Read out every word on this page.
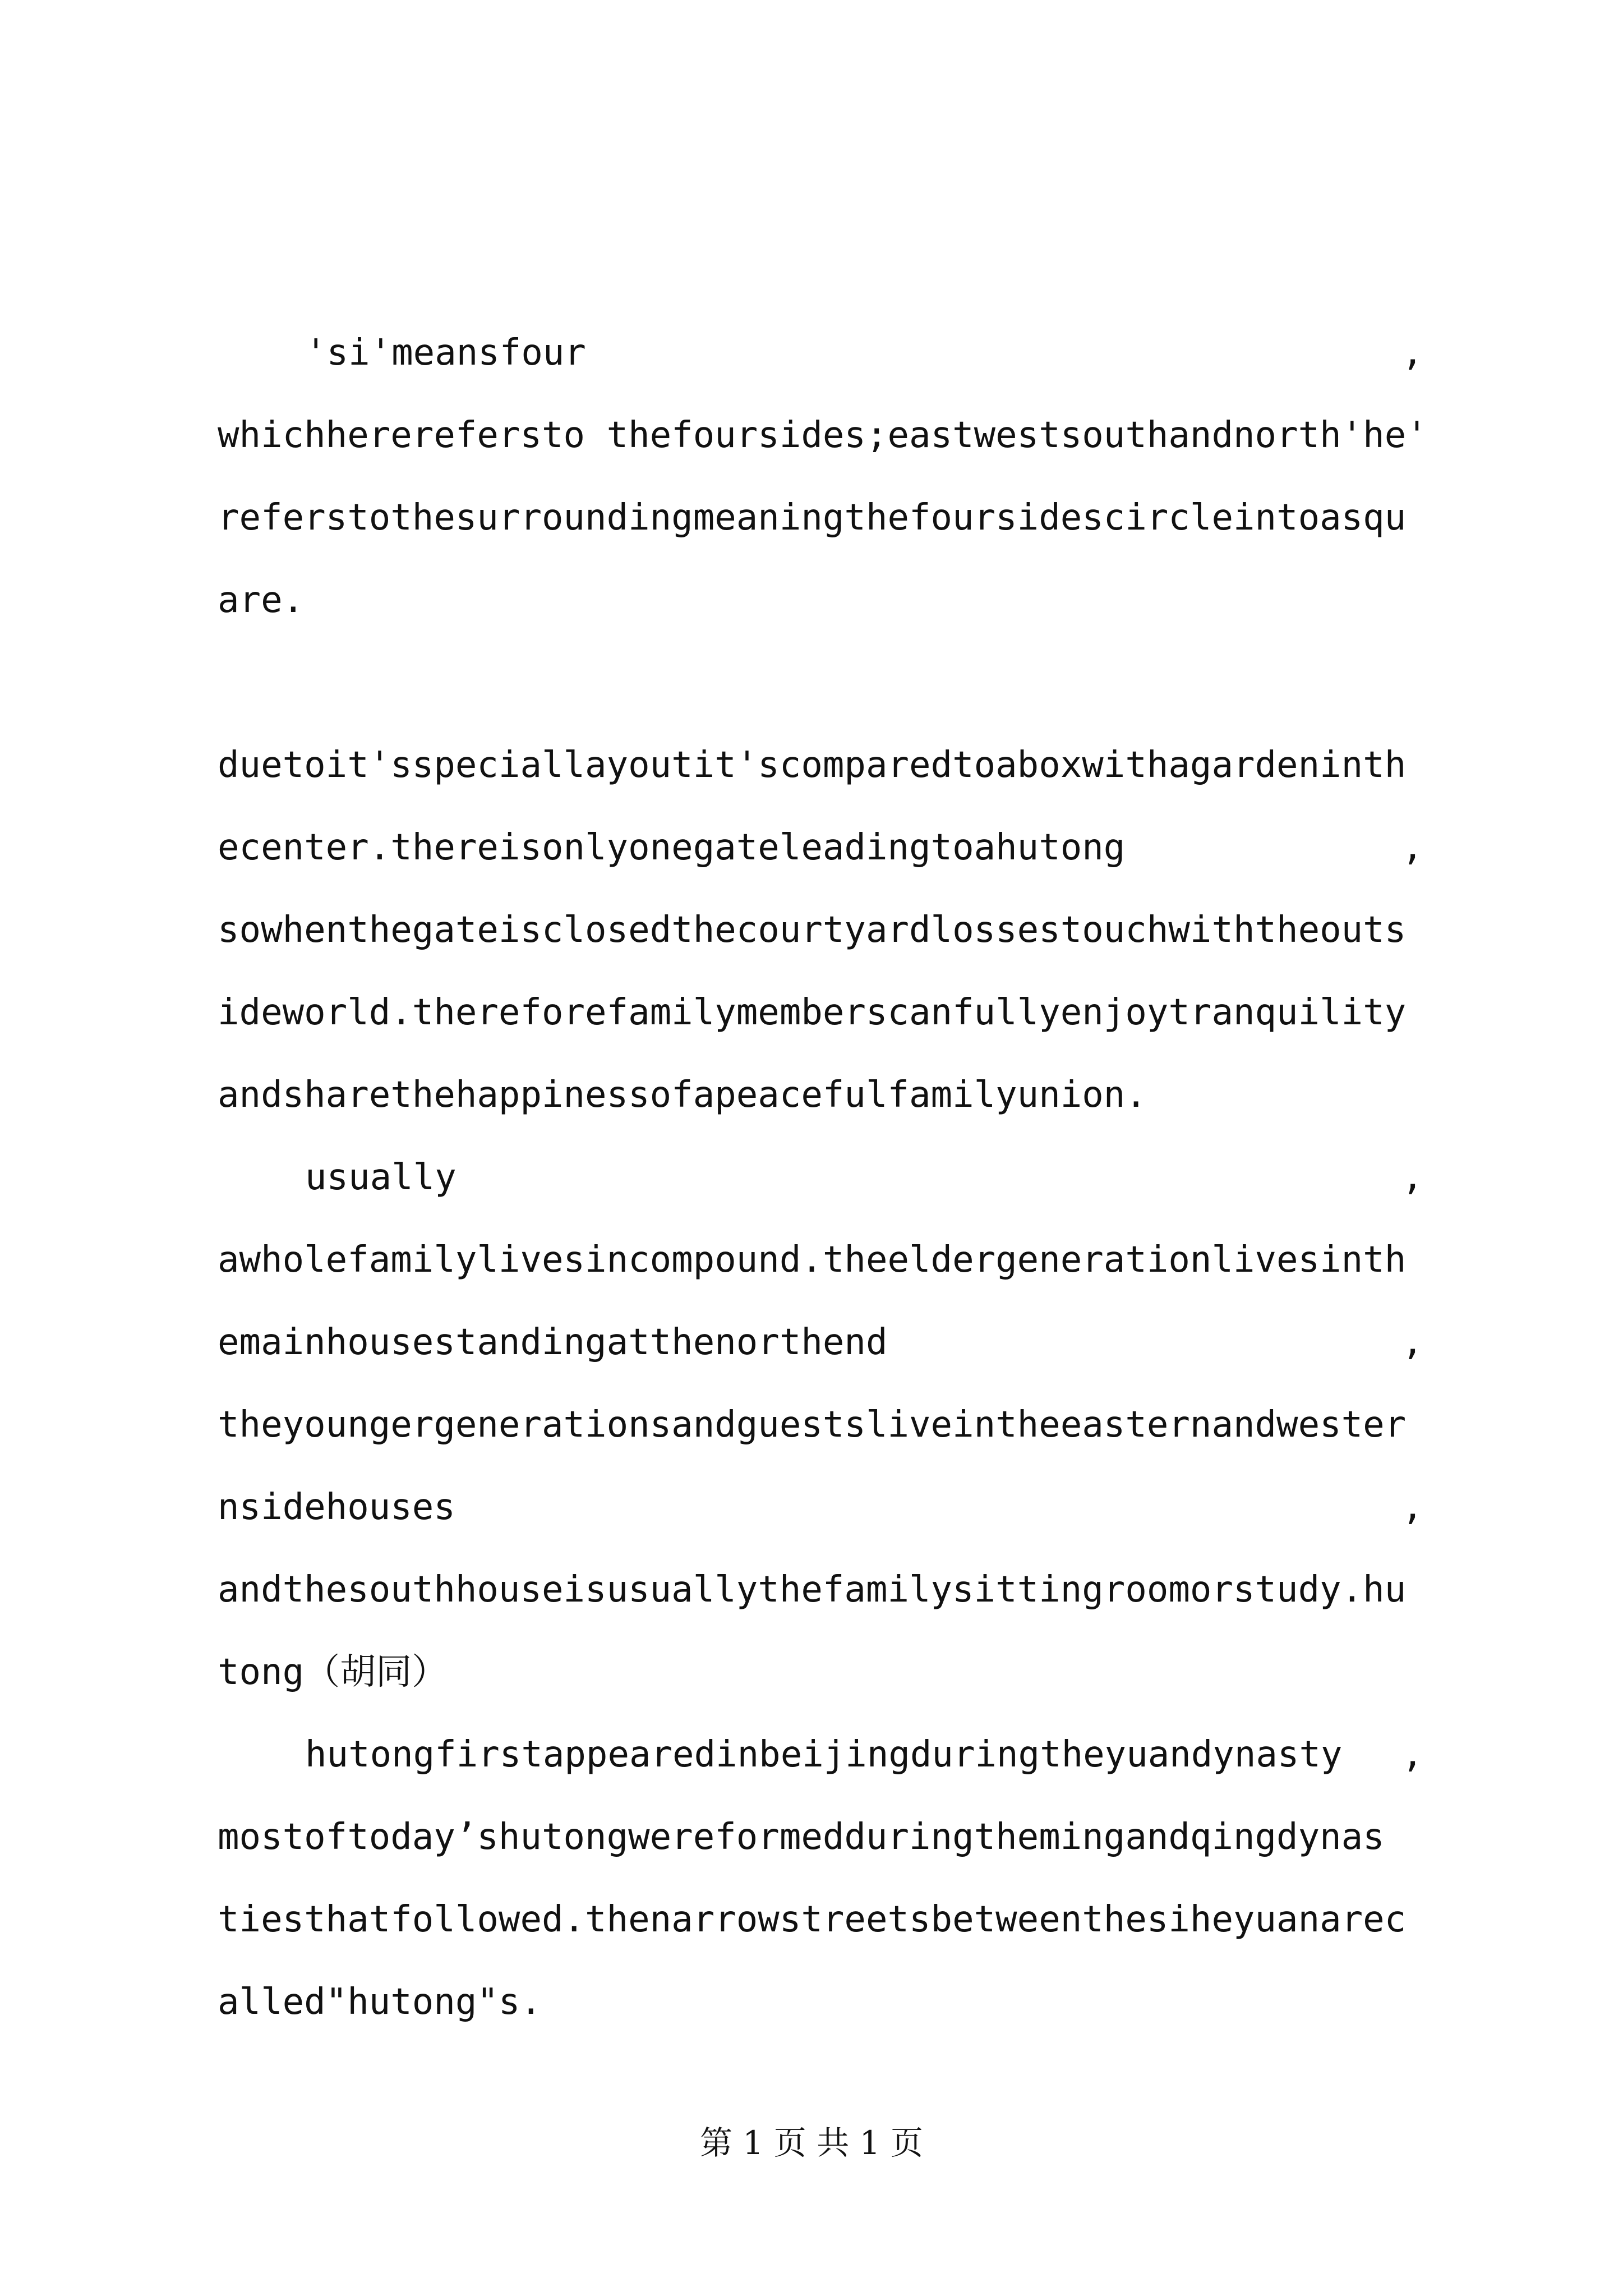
'si'meansfour	,
whichhererefersto thefoursides;eastwestsouthandnorth'he'
referstothesurroundingmeaningthefoursidescircleintoasqu
are.
duetoit'sspeciallayoutit'scomparedtoaboxwithagardeninth
ecenter.thereisonlyonegateleadingtoahutong	,
sowhenthegateisclosedthecourtyardlossestouchwiththeouts
ideworld.thereforefamilymemberscanfullyenjoytranquility
andsharethehappinessofapeacefulfamilyunion.
usually	,
awholefamilylivesincompound.theeldergenerationlivesinth
emainhousestandingatthenorthend	,
theyoungergenerationsandguestsliveintheeasternandwester
nsidehouses	,
andthesouthhouseisusuallythefamilysittingroomorstudy.hu
tong（胡同）
hutongfirstappearedinbeijingduringtheyuandynasty ,
mostoftoday’shutongwereformedduringthemingandqingdynas
tiesthatfollowed.thenarrowstreetsbetweenthesiheyuanarec
alled"hutong"s.
第 1 页 共 1 页
